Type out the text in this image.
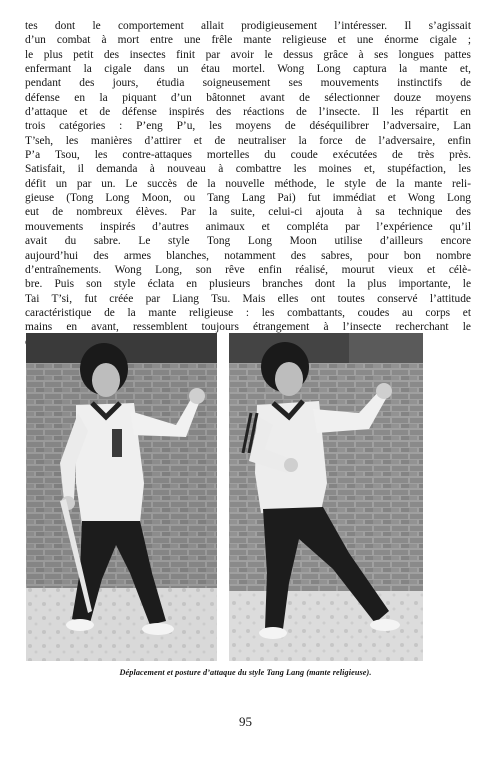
tes dont le comportement allait prodigieusement l’intéresser. Il s’agissait
d’un combat à mort entre une frêle mante religieuse et une énorme cigale ;
le plus petit des insectes finit par avoir le dessus grâce à ses longues pattes
enfermant la cigale dans un étau mortel. Wong Long captura la mante et,
pendant des jours, étudia soigneusement ses mouvements instinctifs de
défense en la piquant d’un bâtonnet avant de sélectionner douze moyens
d’attaque et de défense inspirés des réactions de l’insecte. Il les répartit en
trois catégories : P’eng P’u, les moyens de déséquilibrer l’adversaire, Lan
T’seh, les manières d’attirer et de neutraliser la force de l’adversaire, enfin
P’a Tsou, les contre-attaques mortelles du coude exécutées de très près.
Satisfait, il demanda à nouveau à combattre les moines et, stupéfaction, les
défit un par un. Le succès de la nouvelle méthode, le style de la mante reli-
gieuse (Tong Long Moon, ou Tang Lang Pai) fut immédiat et Wong Long
eut de nombreux élèves. Par la suite, celui-ci ajouta à sa technique des
mouvements inspirés d’autres animaux et compléta par l’expérience qu’il
avait du sabre. Le style Tong Long Moon utilise d’ailleurs encore
aujourd’hui des armes blanches, notamment des sabres, pour bon nombre
d’entraînements. Wong Long, son rêve enfin réalisé, mourut vieux et célè-
bre. Puis son style éclata en plusieurs branches dont la plus importante, le
Tai T’si, fut créée par Liang Tsu. Mais elles ont toutes conservé l’attitude
caractéristique de la mante religieuse : les combattants, coudes au corps et
mains en avant, ressemblent toujours étrangement à l’insecte recherchant le
Déplacement et posture d’attaque du style Tang Lang (mante religieuse).
95
